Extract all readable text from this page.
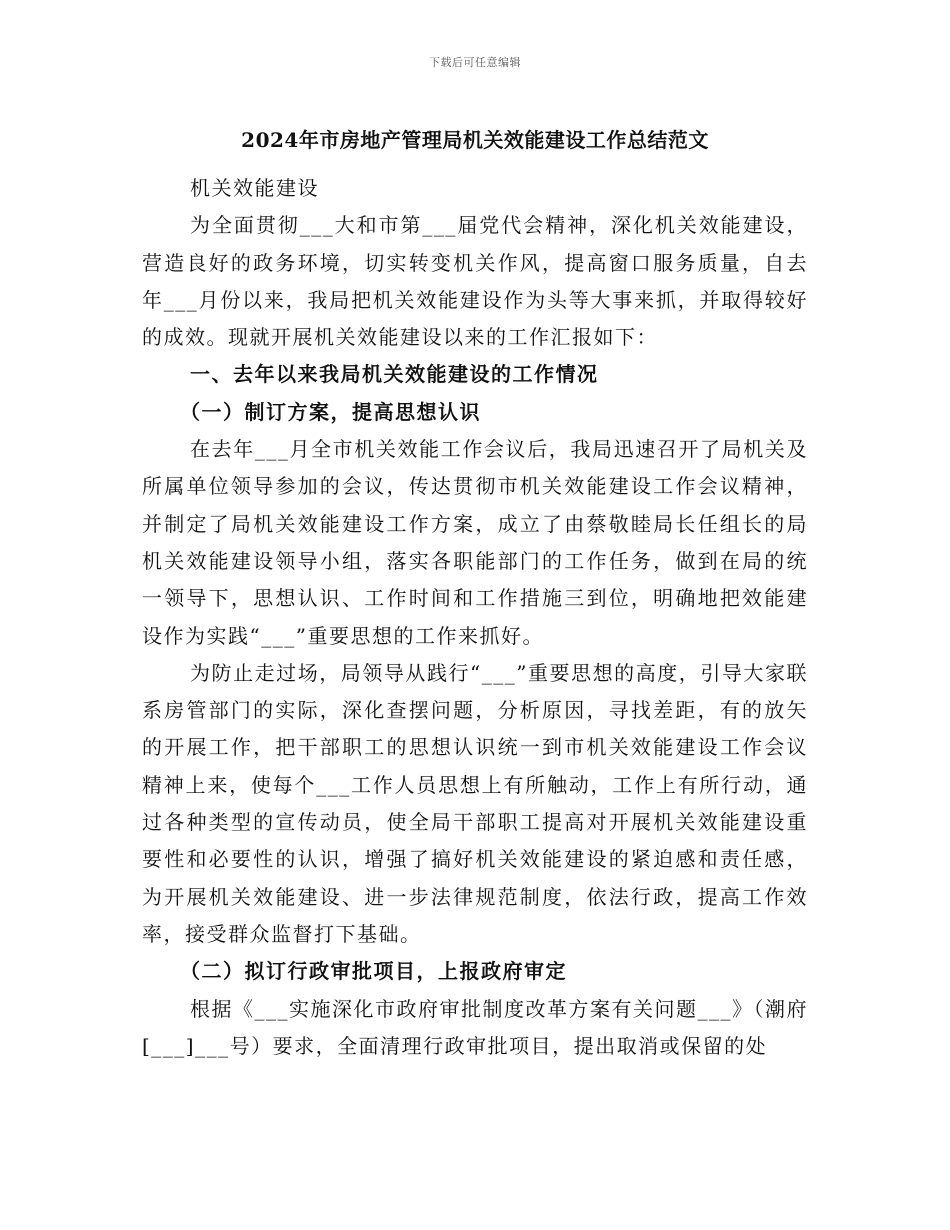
下载后可任意编辑
2024年市房地产管理局机关效能建设工作总结范文

机关效能建设

为全面贯彻___大和市第___届党代会精神，深化机关效能建设，营造良好的政务环境，切实转变机关作风，提高窗口服务质量，自去年___月份以来，我局把机关效能建设作为头等大事来抓，并取得较好的成效。现就开展机关效能建设以来的工作汇报如下：

一、去年以来我局机关效能建设的工作情况

（一）制订方案，提高思想认识

在去年___月全市机关效能工作会议后，我局迅速召开了局机关及所属单位领导参加的会议，传达贯彻市机关效能建设工作会议精神，并制定了局机关效能建设工作方案，成立了由蔡敬睦局长任组长的局机关效能建设领导小组，落实各职能部门的工作任务，做到在局的统一领导下，思想认识、工作时间和工作措施三到位，明确地把效能建设作为实践“___”重要思想的工作来抓好。

为防止走过场，局领导从践行“___”重要思想的高度，引导大家联系房管部门的实际，深化查摆问题，分析原因，寻找差距，有的放矢的开展工作，把干部职工的思想认识统一到市机关效能建设工作会议精神上来，使每个___工作人员思想上有所触动，工作上有所行动，通过各种类型的宣传动员，使全局干部职工提高对开展机关效能建设重要性和必要性的认识，增强了搞好机关效能建设的紧迫感和责任感，为开展机关效能建设、进一步法律规范制度，依法行政，提高工作效率，接受群众监督打下基础。

（二）拟订行政审批项目，上报政府审定

根据《___实施深化市政府审批制度改革方案有关问题___》（潮府[___]___号）要求，全面清理行政审批项目，提出取消或保留的处
